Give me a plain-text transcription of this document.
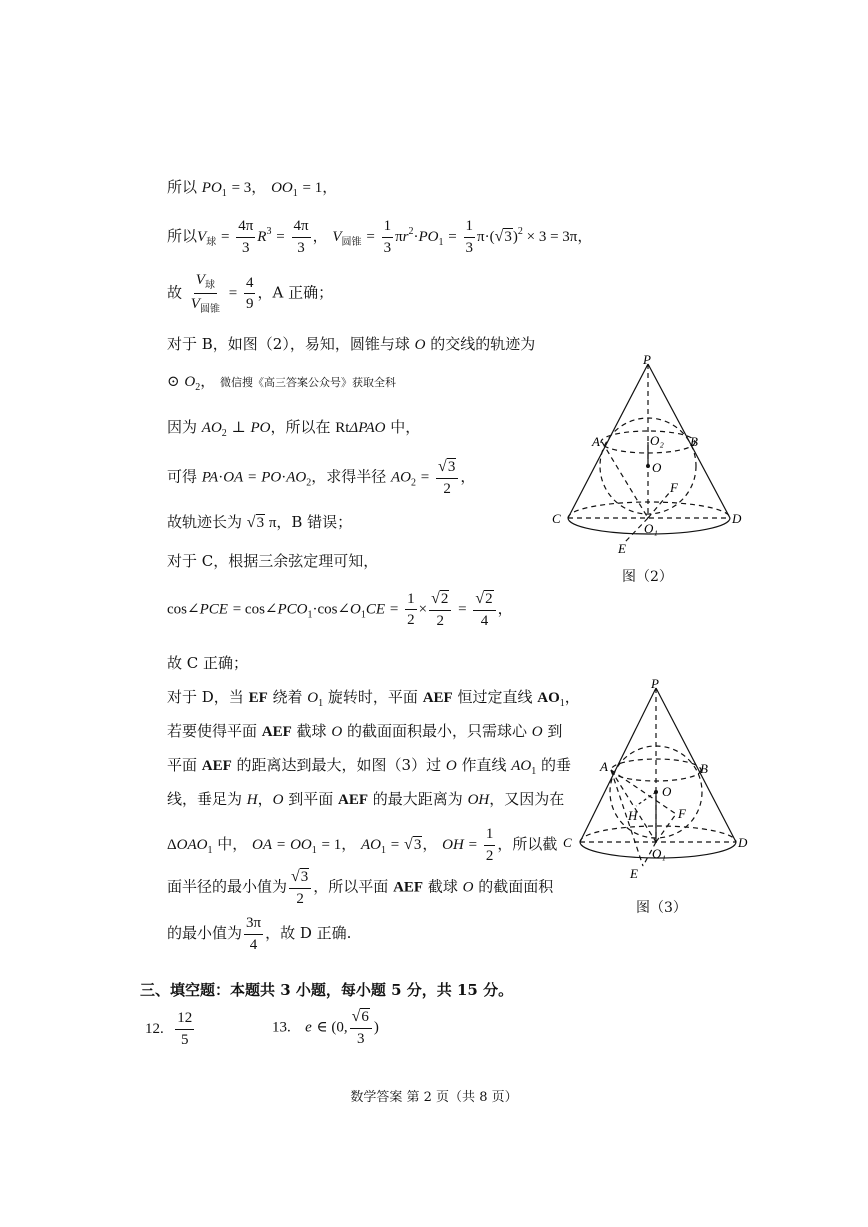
所以 $PO_1 = 3$， $OO_1 = 1$，
所以$V_球 = \frac{4\pi}{3} R^3 = \frac{4\pi}{3}$ ， $V_{圆锥} = \frac{1}{3} \pi r^2\cdot PO_1 = \frac{1}{3} \pi\cdot(√3)^2 \times 3 = 3\pi$，
故 $\frac{V_球}{V_{圆锥}} = \frac{4}{9}$ ，A 正确；
对于 B，如图（2），易知，圆锥与球 O 的交线的轨迹为
⊙ $O_2$， 微信搜《高三答案公众号》获取全科
因为 $AO_2$ ⊥ PO，所以在 RtΔPAO 中，
可得 $PA\cdot OA = PO\cdot AO_2$，求得半径 $AO_2 = \frac{√3}{2}$ ，
故轨迹长为 √3 π，B 错误；
对于 C，根据三余弦定理可知，
cos∠PCE = $\cos\angle PCO_1\cdot\cos\angle O_1CE = \frac{1}{2} \times \frac{√2}{2} = \frac{√2}{4}$ ，
故 C 正确；
对于 D，当 EF 绕着 $O_1$ 旋转时，平面 AEF 恒过定直线 $AO_1$，
若要使得平面 AEF 截球 O 的截面面积最小，只需球心 O 到
平面 AEF 的距离达到最大，如图（3）过 O 作直线 $AO_1$ 的垂
线，垂足为 H，O 到平面 AEF 的最大距离为 OH，又因为在
$\Delta OAO_1$ 中， OA = $OO_1 = 1$， $AO_1 = √3$， OH = $\frac{1}{2}$ ，所以截
面半径的最小值为 $\frac{√3}{2}$ ，所以平面 AEF 截球 O 的截面面积
的最小值为 $\frac{3\pi}{4}$ ，故 D 正确.
三、填空题：本题共 3 小题，每小题 5 分，共 15 分。
12. $\frac{12}{5}$	13. e ∈ (0, $\frac{√6}{3}$ )
P
A	O₂ B
O
F
C
O₁
D
E
图（2）
P
A	B
O
H	F
C
O₁
D
E
图（3）
数学答案 第 2 页（共 8 页）
